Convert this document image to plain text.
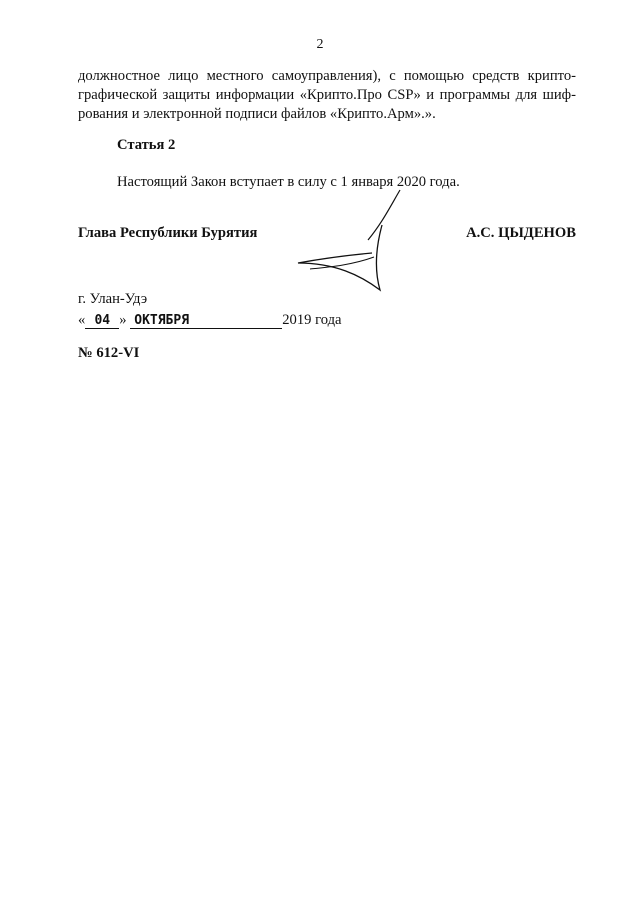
2
должностное лицо местного самоуправления), с помощью средств крипто-
графической защиты информации «Крипто.Про CSP» и программы для шиф-
рования и электронной подписи файлов «Крипто.Арм».».
Статья 2
Настоящий Закон вступает в силу с 1 января 2020 года.
Глава Республики Бурятия	А.С. ЦЫДЕНОВ
г. Улан-Удэ
« 04 » ОКТЯБРЯ	2019 года
№ 612-VI
